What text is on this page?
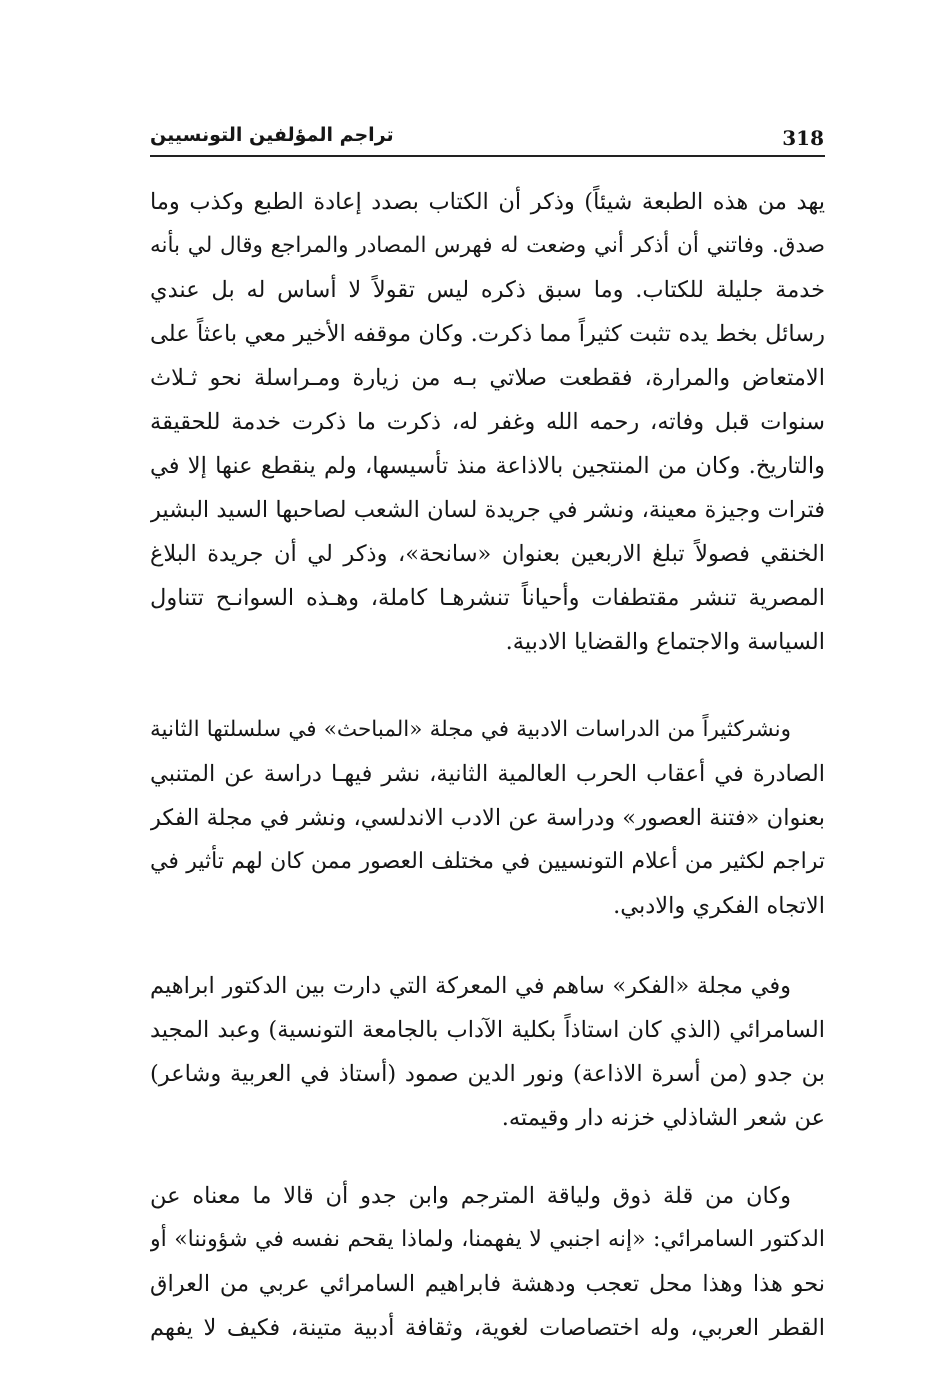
318
تراجم المؤلفين التونسيين
يهد من هذه الطبعة شيئاً) وذكر أن الكتاب بصدد إعادة الطبع وكذب وما
صدق. وفاتني أن أذكر أني وضعت له فهرس المصادر والمراجع وقال لي بأنه
خدمة جليلة للكتاب. وما سبق ذكره ليس تقولاً لا أساس له بل عندي
رسائل بخط يده تثبت كثيراً مما ذكرت. وكان موقفه الأخير معي باعثاً على
الامتعاض والمرارة، فقطعت صلاتي بـه من زيارة ومـراسلة نحو ثـلاث
سنوات قبل وفاته، رحمه الله وغفر له، ذكرت ما ذكرت خدمة للحقيقة
والتاريخ. وكان من المنتجين بالاذاعة منذ تأسيسها، ولم ينقطع عنها إلا في
فترات وجيزة معينة، ونشر في جريدة لسان الشعب لصاحبها السيد البشير
الخنقي فصولاً تبلغ الاربعين بعنوان «سانحة»، وذكر لي أن جريدة البلاغ
المصرية تنشر مقتطفات وأحياناً تنشرهـا كاملة، وهـذه السوانـح تتناول
السياسة والاجتماع والقضايا الادبية.
ونشركثيراً من الدراسات الادبية في مجلة «المباحث» في سلسلتها الثانية
الصادرة في أعقاب الحرب العالمية الثانية، نشر فيهـا دراسة عن المتنبي
بعنوان «فتنة العصور» ودراسة عن الادب الاندلسي، ونشر في مجلة الفكر
تراجم لكثير من أعلام التونسيين في مختلف العصور ممن كان لهم تأثير في
الاتجاه الفكري والادبي.
وفي مجلة «الفكر» ساهم في المعركة التي دارت بين الدكتور ابراهيم
السامرائي (الذي كان استاذاً بكلية الآداب بالجامعة التونسية) وعبد المجيد
بن جدو (من أسرة الاذاعة) ونور الدين صمود (أستاذ في العربية وشاعر)
عن شعر الشاذلي خزنه دار وقيمته.
وكان من قلة ذوق ولياقة المترجم وابن جدو أن قالا ما معناه عن
الدكتور السامرائي: «إنه اجنبي لا يفهمنا، ولماذا يقحم نفسه في شؤوننا» أو
نحو هذا وهذا محل تعجب ودهشة فابراهيم السامرائي عربي من العراق
القطر العربي، وله اختصاصات لغوية، وثقافة أدبية متينة، فكيف لا يفهم
